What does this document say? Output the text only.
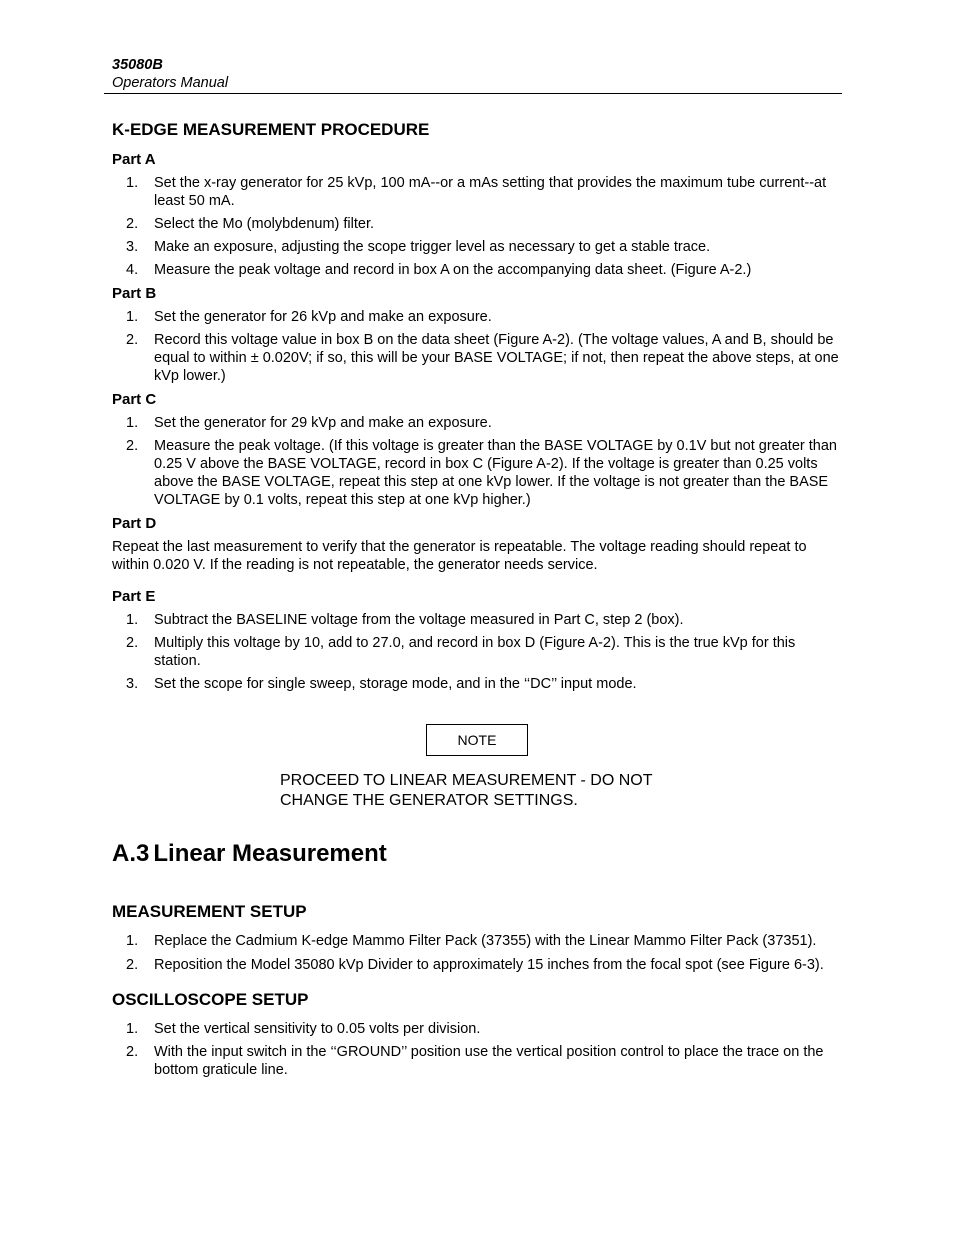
35080B
Operators Manual
K-EDGE MEASUREMENT PROCEDURE
Part A
1. Set the x-ray generator for 25 kVp, 100 mA--or a mAs setting that provides the maximum tube current--at least 50 mA.
2. Select the Mo (molybdenum) filter.
3. Make an exposure, adjusting the scope trigger level as necessary to get a stable trace.
4. Measure the peak voltage and record in box A on the accompanying data sheet. (Figure A-2.)
Part B
1. Set the generator for 26 kVp and make an exposure.
2. Record this voltage value in box B on the data sheet (Figure A-2). (The voltage values, A and B, should be equal to within ± 0.020V; if so, this will be your BASE VOLTAGE; if not, then repeat the above steps, at one kVp lower.)
Part C
1. Set the generator for 29 kVp and make an exposure.
2. Measure the peak voltage. (If this voltage is greater than the BASE VOLTAGE by 0.1V but not greater than 0.25 V above the BASE VOLTAGE, record in box C (Figure A-2). If the voltage is greater than 0.25 volts above the BASE VOLTAGE, repeat this step at one kVp lower. If the voltage is not greater than the BASE VOLTAGE by 0.1 volts, repeat this step at one kVp higher.)
Part D

Repeat the last measurement to verify that the generator is repeatable. The voltage reading should repeat to within 0.020 V. If the reading is not repeatable, the generator needs service.

Part E
1. Subtract the BASELINE voltage from the voltage measured in Part C, step 2 (box).
2. Multiply this voltage by 10, add to 27.0, and record in box D (Figure A-2). This is the true kVp for this station.
3. Set the scope for single sweep, storage mode, and in the ‘‘DC’’ input mode.
NOTE
PROCEED TO LINEAR MEASUREMENT - DO NOT CHANGE THE GENERATOR SETTINGS.
A.3 Linear Measurement
MEASUREMENT SETUP
1. Replace the Cadmium K-edge Mammo Filter Pack (37355) with the Linear Mammo Filter Pack (37351).
2. Reposition the Model 35080 kVp Divider to approximately 15 inches from the focal spot (see Figure 6-3).
OSCILLOSCOPE SETUP
1. Set the vertical sensitivity to 0.05 volts per division.
2. With the input switch in the ‘‘GROUND’’ position use the vertical position control to place the trace on the bottom graticule line.
